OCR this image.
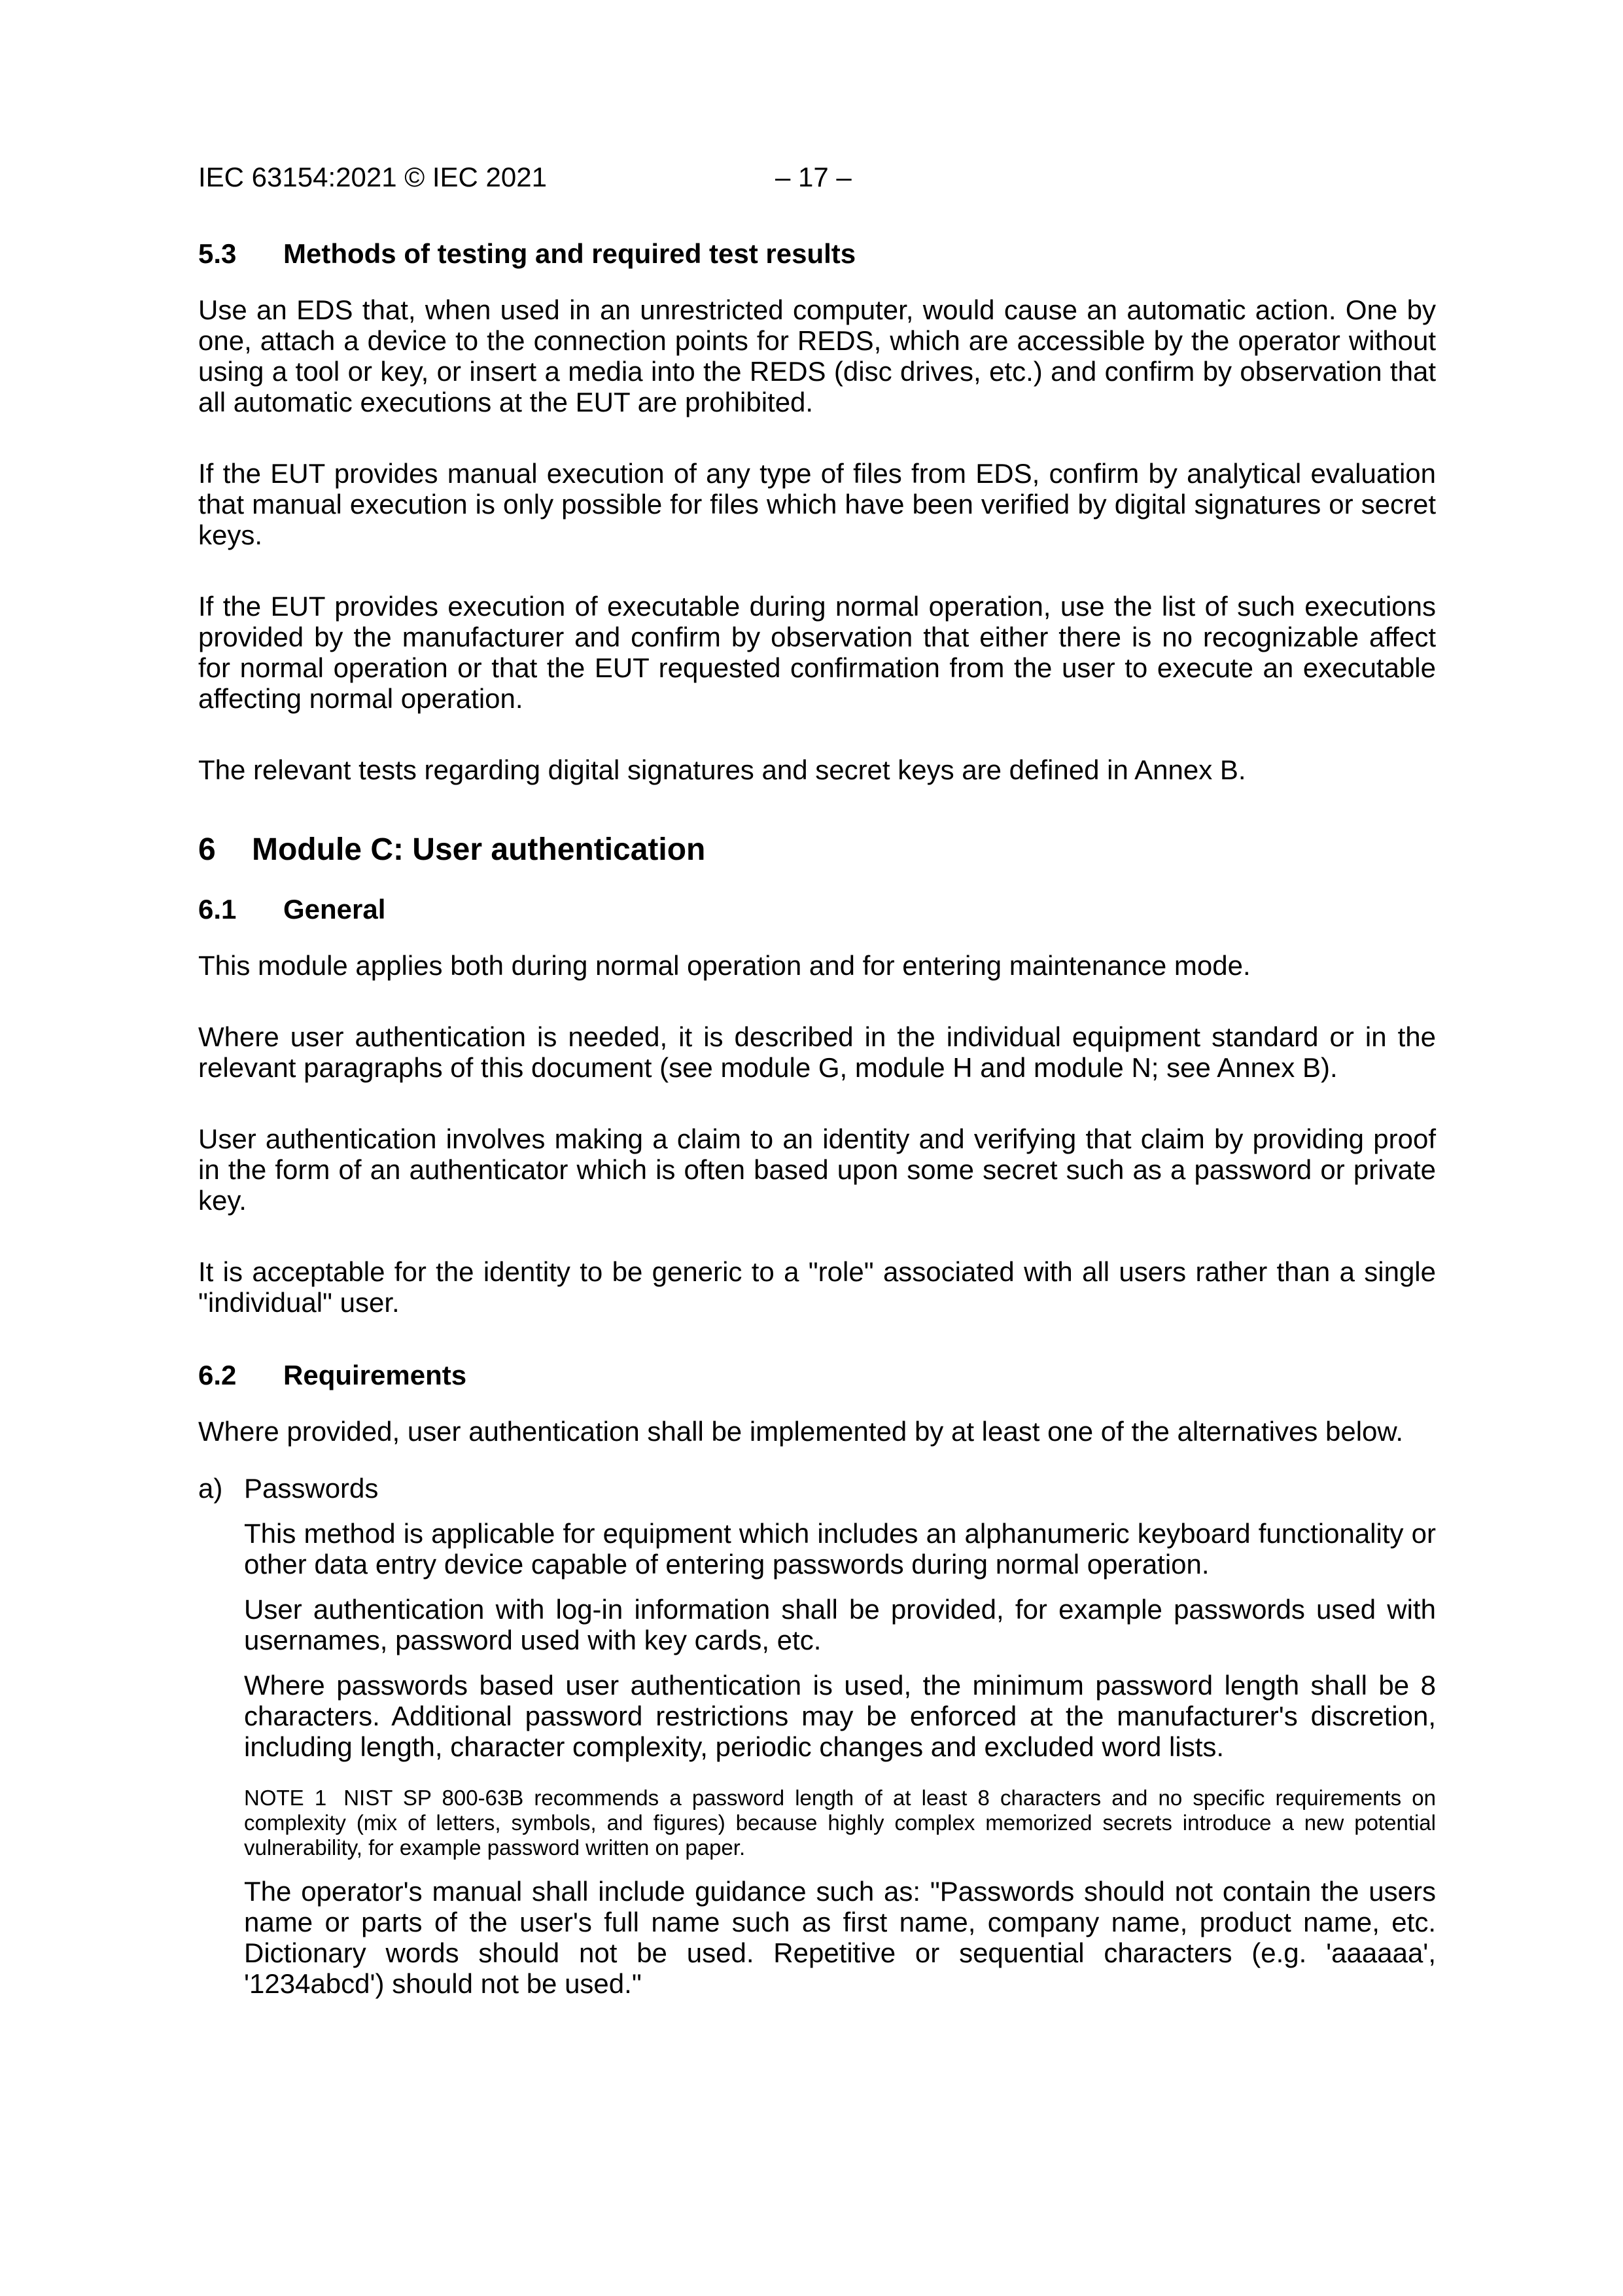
IEC 63154:2021 © IEC 2021	– 17 –
5.3	Methods of testing and required test results

Use an EDS that, when used in an unrestricted computer, would cause an automatic action. One by one, attach a device to the connection points for REDS, which are accessible by the operator without using a tool or key, or insert a media into the REDS (disc drives, etc.) and confirm by observation that all automatic executions at the EUT are prohibited.

If the EUT provides manual execution of any type of files from EDS, confirm by analytical evaluation that manual execution is only possible for files which have been verified by digital signatures or secret keys.

If the EUT provides execution of executable during normal operation, use the list of such executions provided by the manufacturer and confirm by observation that either there is no recognizable affect for normal operation or that the EUT requested confirmation from the user to execute an executable affecting normal operation.

The relevant tests regarding digital signatures and secret keys are defined in Annex B.

6	Module C: User authentication
6.1	General

This module applies both during normal operation and for entering maintenance mode.

Where user authentication is needed, it is described in the individual equipment standard or in the relevant paragraphs of this document (see module G, module H and module N; see Annex B).

User authentication involves making a claim to an identity and verifying that claim by providing proof in the form of an authenticator which is often based upon some secret such as a password or private key.

It is acceptable for the identity to be generic to a "role" associated with all users rather than a single "individual" user.

6.2	Requirements

Where provided, user authentication shall be implemented by at least one of the alternatives below.

a) Passwords

This method is applicable for equipment which includes an alphanumeric keyboard functionality or other data entry device capable of entering passwords during normal operation.

User authentication with log-in information shall be provided, for example passwords used with usernames, password used with key cards, etc.

Where passwords based user authentication is used, the minimum password length shall be 8 characters. Additional password restrictions may be enforced at the manufacturer's discretion, including length, character complexity, periodic changes and excluded word lists.

NOTE 1 NIST SP 800-63B recommends a password length of at least 8 characters and no specific requirements on complexity (mix of letters, symbols, and figures) because highly complex memorized secrets introduce a new potential vulnerability, for example password written on paper.

The operator's manual shall include guidance such as: "Passwords should not contain the users name or parts of the user's full name such as first name, company name, product name, etc. Dictionary words should not be used. Repetitive or sequential characters (e.g. 'aaaaaa', '1234abcd') should not be used."
